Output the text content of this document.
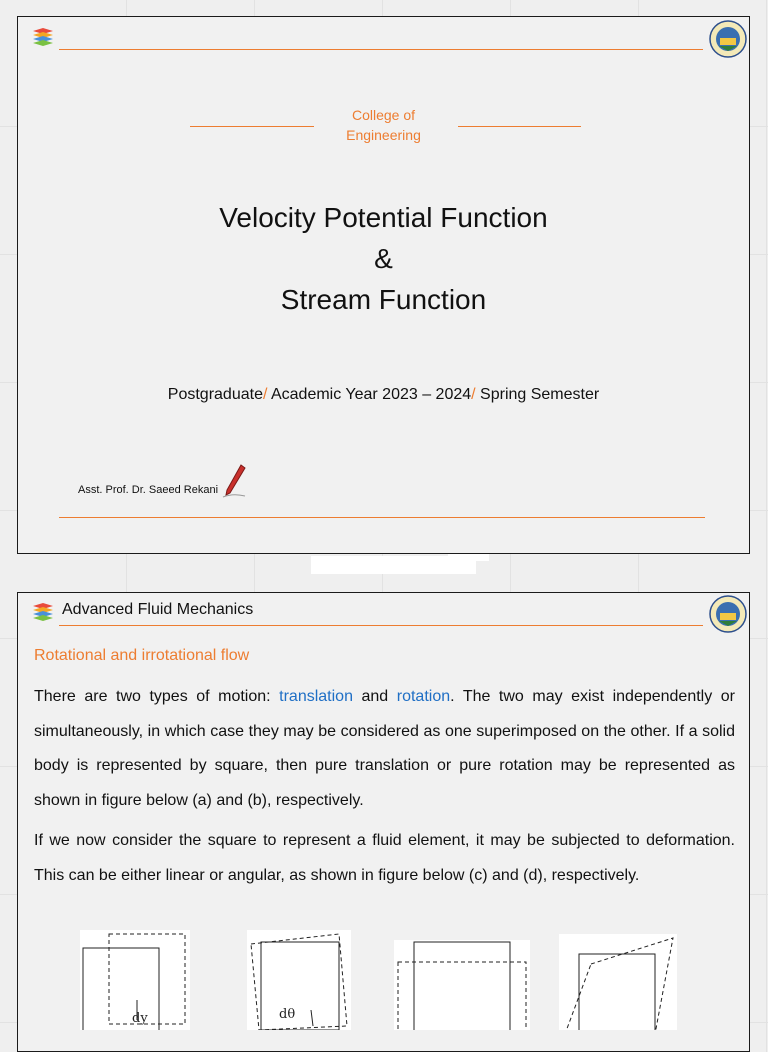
College of
Engineering
Velocity Potential Function
&
Stream Function
Postgraduate/ Academic Year 2023 – 2024/ Spring Semester
Asst. Prof. Dr. Saeed Rekani
Advanced Fluid Mechanics
Rotational and irrotational flow
There are two types of motion: translation and rotation. The two may exist independently or simultaneously, in which case they may be considered as one superimposed on the other. If a solid body is represented by square, then pure translation or pure rotation may be represented as shown in figure below (a) and (b), respectively.
If we now consider the square to represent a fluid element, it may be subjected to deformation. This can be either linear or angular, as shown in figure below (c) and (d), respectively.
dy	dθ
